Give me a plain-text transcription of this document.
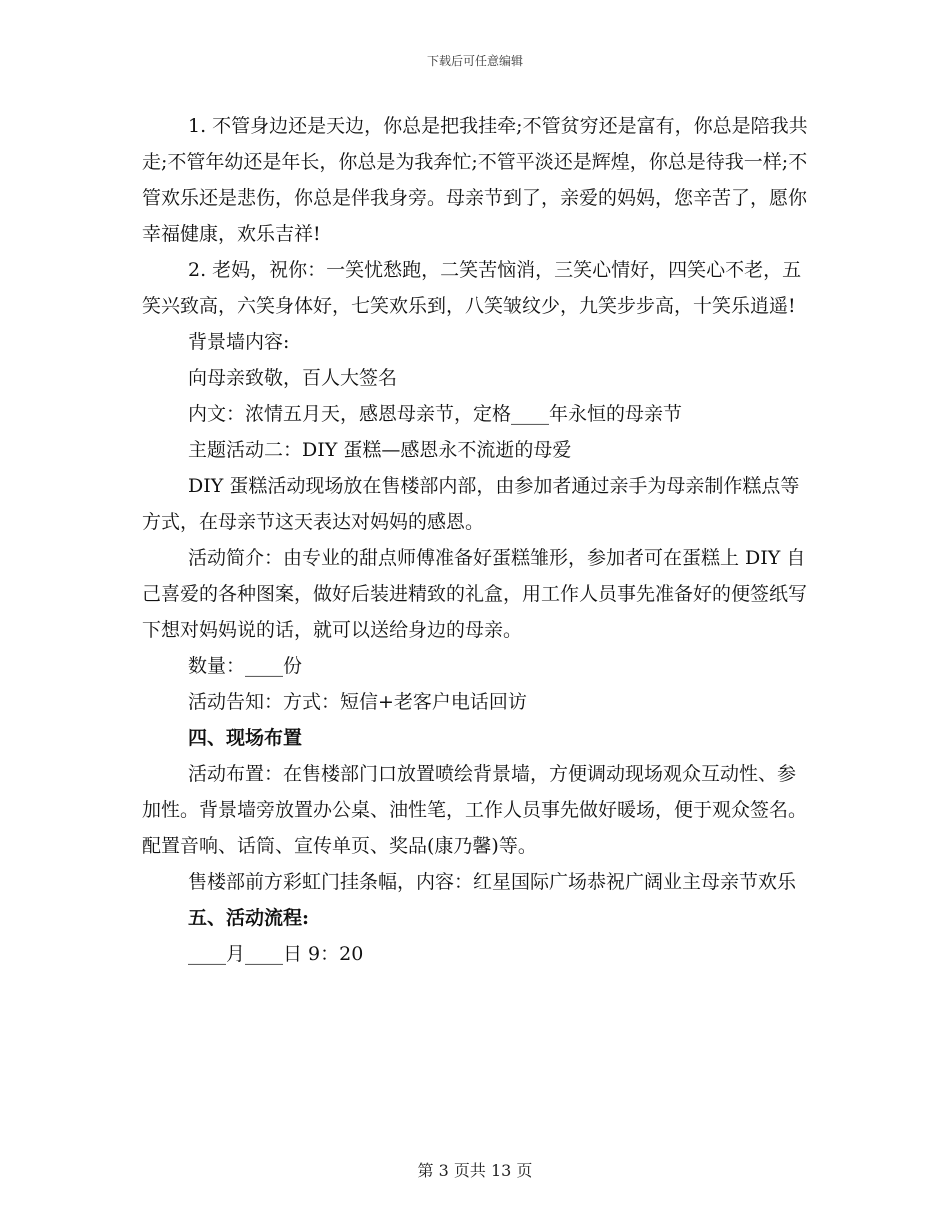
下载后可任意编辑

1. 不管身边还是天边，你总是把我挂牵;不管贫穷还是富有，你总是陪我共走;不管年幼还是年长，你总是为我奔忙;不管平淡还是辉煌，你总是待我一样;不管欢乐还是悲伤，你总是伴我身旁。母亲节到了，亲爱的妈妈，您辛苦了，愿你幸福健康，欢乐吉祥!

2. 老妈，祝你：一笑忧愁跑，二笑苦恼消，三笑心情好，四笑心不老，五笑兴致高，六笑身体好，七笑欢乐到，八笑皱纹少，九笑步步高，十笑乐逍遥!

背景墙内容:

向母亲致敬，百人大签名

内文：浓情五月天，感恩母亲节，定格____年永恒的母亲节

主题活动二：DIY 蛋糕—感恩永不流逝的母爱

DIY 蛋糕活动现场放在售楼部内部，由参加者通过亲手为母亲制作糕点等方式，在母亲节这天表达对妈妈的感恩。

活动简介：由专业的甜点师傅准备好蛋糕雏形，参加者可在蛋糕上 DIY 自己喜爱的各种图案，做好后装进精致的礼盒，用工作人员事先准备好的便签纸写下想对妈妈说的话，就可以送给身边的母亲。

数量：____份

活动告知：方式：短信+老客户电话回访

四、现场布置

活动布置：在售楼部门口放置喷绘背景墙，方便调动现场观众互动性、参加性。背景墙旁放置办公桌、油性笔，工作人员事先做好暖场，便于观众签名。配置音响、话筒、宣传单页、奖品(康乃馨)等。

售楼部前方彩虹门挂条幅，内容：红星国际广场恭祝广阔业主母亲节欢乐

五、活动流程:

____月____日 9：20

第 3 页共 13 页
